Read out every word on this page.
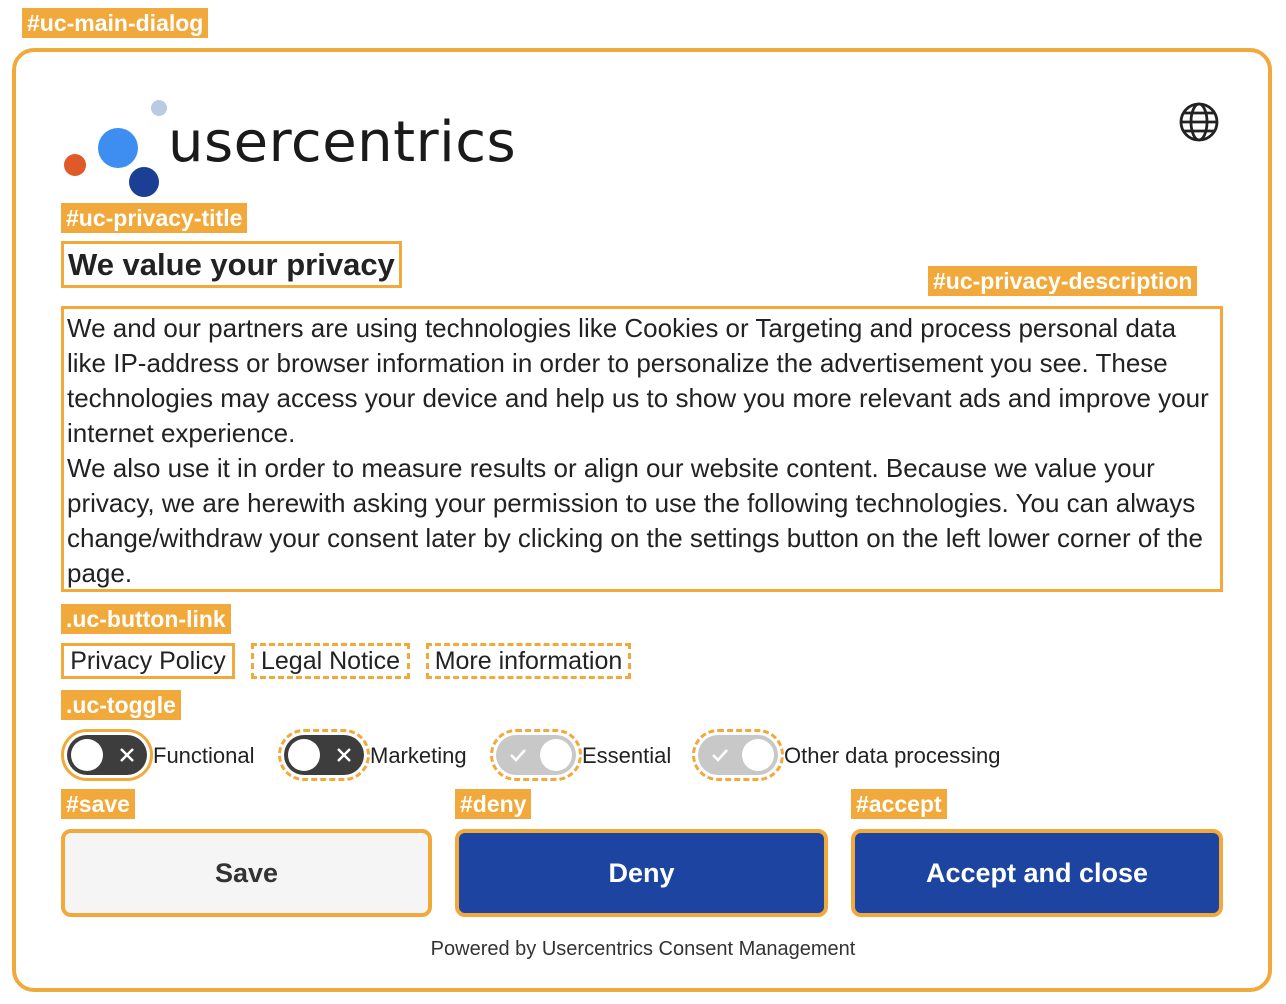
#uc-main-dialog
usercentrics
#uc-privacy-title
We value your privacy	#uc-privacy-description

We and our partners are using technologies like Cookies or Targeting and process personal data like IP-address or browser information in order to personalize the advertisement you see. These technologies may access your device and help us to show you more relevant ads and improve your internet experience.

We also use it in order to measure results or align our website content. Because we value your privacy, we are herewith asking your permission to use the following technologies. You can always change/withdraw your consent later by clicking on the settings button on the left lower corner of the page.

.uc-button-link
Privacy Policy	Legal Notice	More information
.uc-toggle
Functional	Marketing	Essential	Other data processing
#save
Save
#deny
Deny
#accept
Accept and close
Powered by Usercentrics Consent Management
